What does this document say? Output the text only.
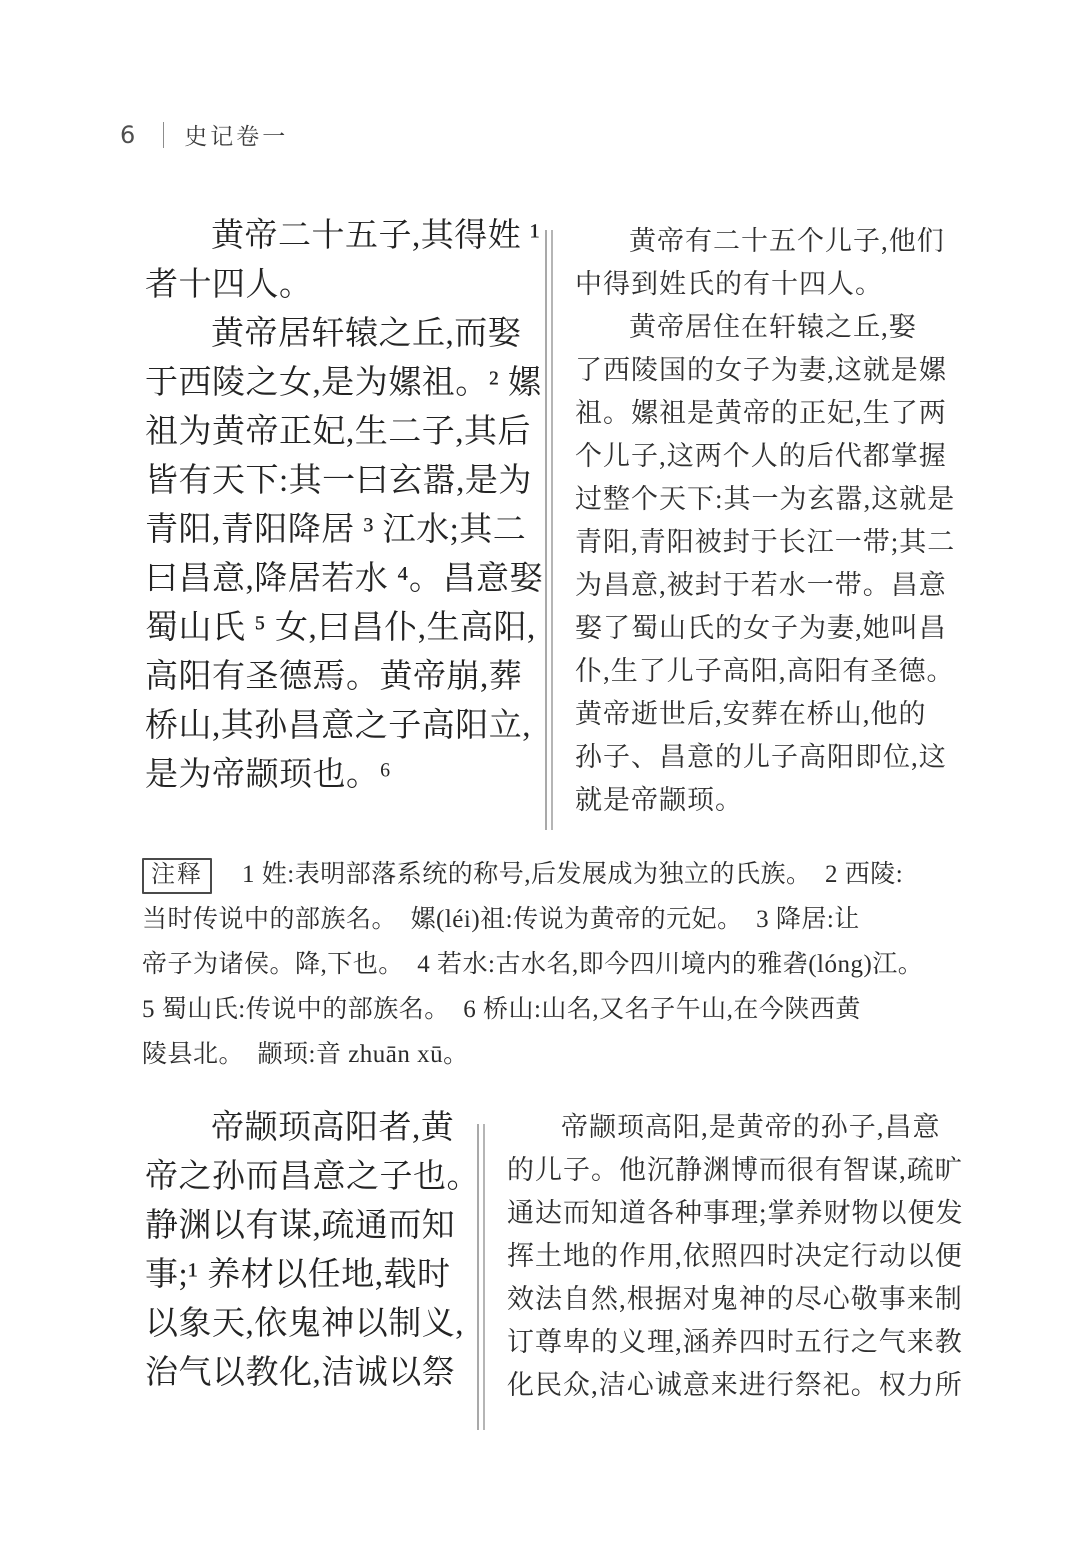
6 史记卷一
黄帝二十五子,其得姓 ¹
者十四人。
黄帝居轩辕之丘,而娶
于西陵之女,是为嫘祖。² 嫘
祖为黄帝正妃,生二子,其后
皆有天下:其一曰玄嚣,是为
青阳,青阳降居 ³ 江水;其二
曰昌意,降居若水 ⁴。昌意娶
蜀山氏 ⁵ 女,曰昌仆,生高阳,
高阳有圣德焉。黄帝崩,葬
桥山,其孙昌意之子高阳立,
是为帝颛顼也。⁶
黄帝有二十五个儿子,他们
中得到姓氏的有十四人。
黄帝居住在轩辕之丘,娶
了西陵国的女子为妻,这就是嫘
祖。嫘祖是黄帝的正妃,生了两
个儿子,这两个人的后代都掌握
过整个天下:其一为玄嚣,这就是
青阳,青阳被封于长江一带;其二
为昌意,被封于若水一带。昌意
娶了蜀山氏的女子为妻,她叫昌
仆,生了儿子高阳,高阳有圣德。
黄帝逝世后,安葬在桥山,他的
孙子、昌意的儿子高阳即位,这
就是帝颛顼。
注释 1 姓:表明部落系统的称号,后发展成为独立的氏族。  2 西陵:
当时传说中的部族名。  嫘(léi)祖:传说为黄帝的元妃。  3 降居:让
帝子为诸侯。降,下也。  4 若水:古水名,即今四川境内的雅砻(lóng)江。
5 蜀山氏:传说中的部族名。  6 桥山:山名,又名子午山,在今陕西黄
陵县北。  颛顼:音 zhuān xū。
帝颛顼高阳者,黄
帝之孙而昌意之子也。
静渊以有谋,疏通而知
事;¹ 养材以任地,载时
以象天,依鬼神以制义,
治气以教化,洁诚以祭
帝颛顼高阳,是黄帝的孙子,昌意
的儿子。他沉静渊博而很有智谋,疏旷
通达而知道各种事理;掌养财物以便发
挥土地的作用,依照四时决定行动以便
效法自然,根据对鬼神的尽心敬事来制
订尊卑的义理,涵养四时五行之气来教
化民众,洁心诚意来进行祭祀。权力所
